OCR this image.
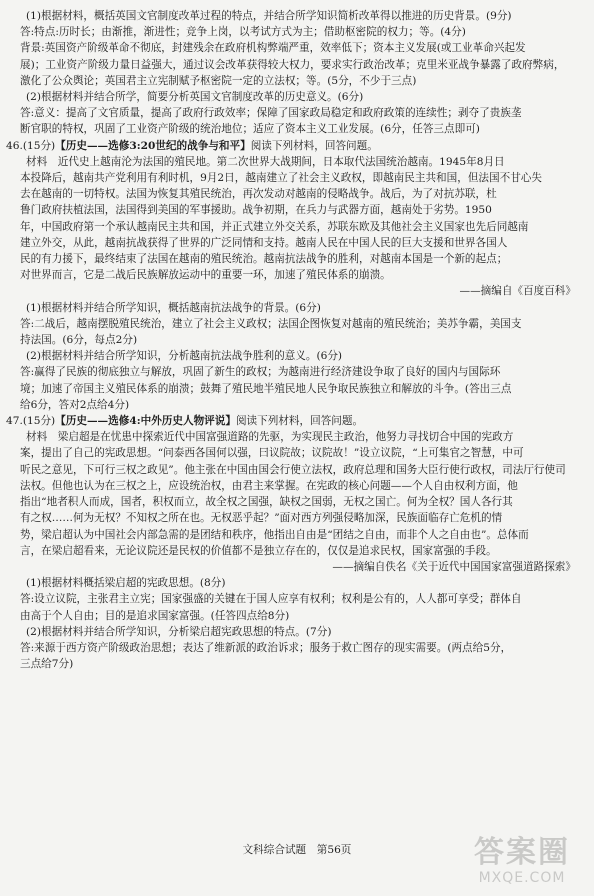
(1)根据材料，概括英国文官制度改革过程的特点，并结合所学知识简析改革得以推进的历史背景。(9分)

答:特点:历时长；由渐推，渐进性；竞争上岗，以考试方式为主；借助枢密院的权力；等。(4分)

背景:英国资产阶级革命不彻底，封建残余在政府机构弊端严重，效率低下；资本主义发展(或工业革命兴起发

展)；工业资产阶级力量日益强大，通过议会改革获得较大权力，要求实行政治改革；克里米亚战争暴露了政府弊病，

激化了公众舆论；英国君主立宪制赋予枢密院一定的立法权；等。(5分，不少于三点)

(2)根据材料并结合所学，简要分析英国文官制度改革的历史意义。(6分)

答:意义：提高了文官质量，提高了政府行政效率；保障了国家政局稳定和政府政策的连续性；剥夺了贵族垄

断官职的特权，巩固了工业资产阶级的统治地位；适应了资本主义工业发展。(6分，任答三点即可)

46.(15分)【历史——选修3:20世纪的战争与和平】阅读下列材料，回答问题。

材料　近代史上越南沦为法国的殖民地。第二次世界大战期间，日本取代法国统治越南。1945年8月日

本投降后，越南共产党利用有利时机，9月2日，越南建立了社会主义政权，即越南民主共和国，但法国不甘心失

去在越南的一切特权。法国为恢复其殖民统治，再次发动对越南的侵略战争。战后，为了对抗苏联，杜

鲁门政府扶植法国，法国得到美国的军事援助。战争初期，在兵力与武器方面，越南处于劣势。1950

年，中国政府第一个承认越南民主共和国，并正式建立外交关系，苏联东欧及其他社会主义国家也先后同越南

建立外交，从此，越南抗战获得了世界的广泛同情和支持。越南人民在中国人民的巨大支援和世界各国人

民的有力援下，最终结束了法国在越南的殖民统治。越南抗法战争的胜利，对越南本国是一个新的起点；

对世界而言，它是二战后民族解放运动中的重要一环，加速了殖民体系的崩溃。

——摘编自《百度百科》

(1)根据材料并结合所学知识，概括越南抗法战争的背景。(6分)

答:二战后，越南摆脱殖民统治，建立了社会主义政权；法国企图恢复对越南的殖民统治；美苏争霸，美国支

持法国。(6分，每点2分)

(2)根据材料并结合所学知识，分析越南抗法战争胜利的意义。(6分)

答:赢得了民族的彻底独立与解放，巩固了新生的政权；为越南进行经济建设争取了良好的国内与国际环

境；加速了帝国主义殖民体系的崩溃；鼓舞了殖民地半殖民地人民争取民族独立和解放的斗争。(答出三点

给6分，答对2点给4分)

47.(15分)【历史——选修4:中外历史人物评说】阅读下列材料，回答问题。

材料　梁启超是在忧患中探索近代中国富强道路的先驱，为实现民主政治，他努力寻找切合中国的宪政方

案，提出了自己的宪政思想。“问泰西各国何以强，曰议院故；议院故！”设立议院，“上可集官之智慧，中可

听民之意见，下可行三权之政见”。他主张在中国由国会行使立法权，政府总理和国务大臣行使行政权，司法厅行使司

法权。但他也认为在三权之上，应设统治权，由君主来掌握。在宪政的核心问题——个人自由权利方面，他

指出“地者积人而成，国者，积权而立，故全权之国强，缺权之国弱，无权之国亡。何为全权？国人各行其

有之权……何为无权？不知权之所在也。无权恶乎起？”面对西方列强侵略加深，民族面临存亡危机的情

势，梁启超认为中国社会内部急需的是团结和秩序，他指出自由是“团结之自由，而非个人之自由也”。总体而

言，在梁启超看来，无论议院还是民权的价值都不是独立存在的，仅仅是追求民权，国家富强的手段。

——摘编自佚名《关于近代中国国家富强道路探索》

(1)根据材料概括梁启超的宪政思想。(8分)

答:设立议院，主张君主立宪；国家强盛的关键在于国人应享有权利；权利是公有的，人人都可享受；群体自

由高于个人自由；目的是追求国家富强。(任答四点给8分)

(2)根据材料并结合所学知识，分析梁启超宪政思想的特点。(7分)

答:来源于西方资产阶级政治思想；表达了维新派的政治诉求；服务于救亡图存的现实需要。(两点给5分，

三点给7分)

文科综合试题　第56页	答案圈
MXQE.COM
